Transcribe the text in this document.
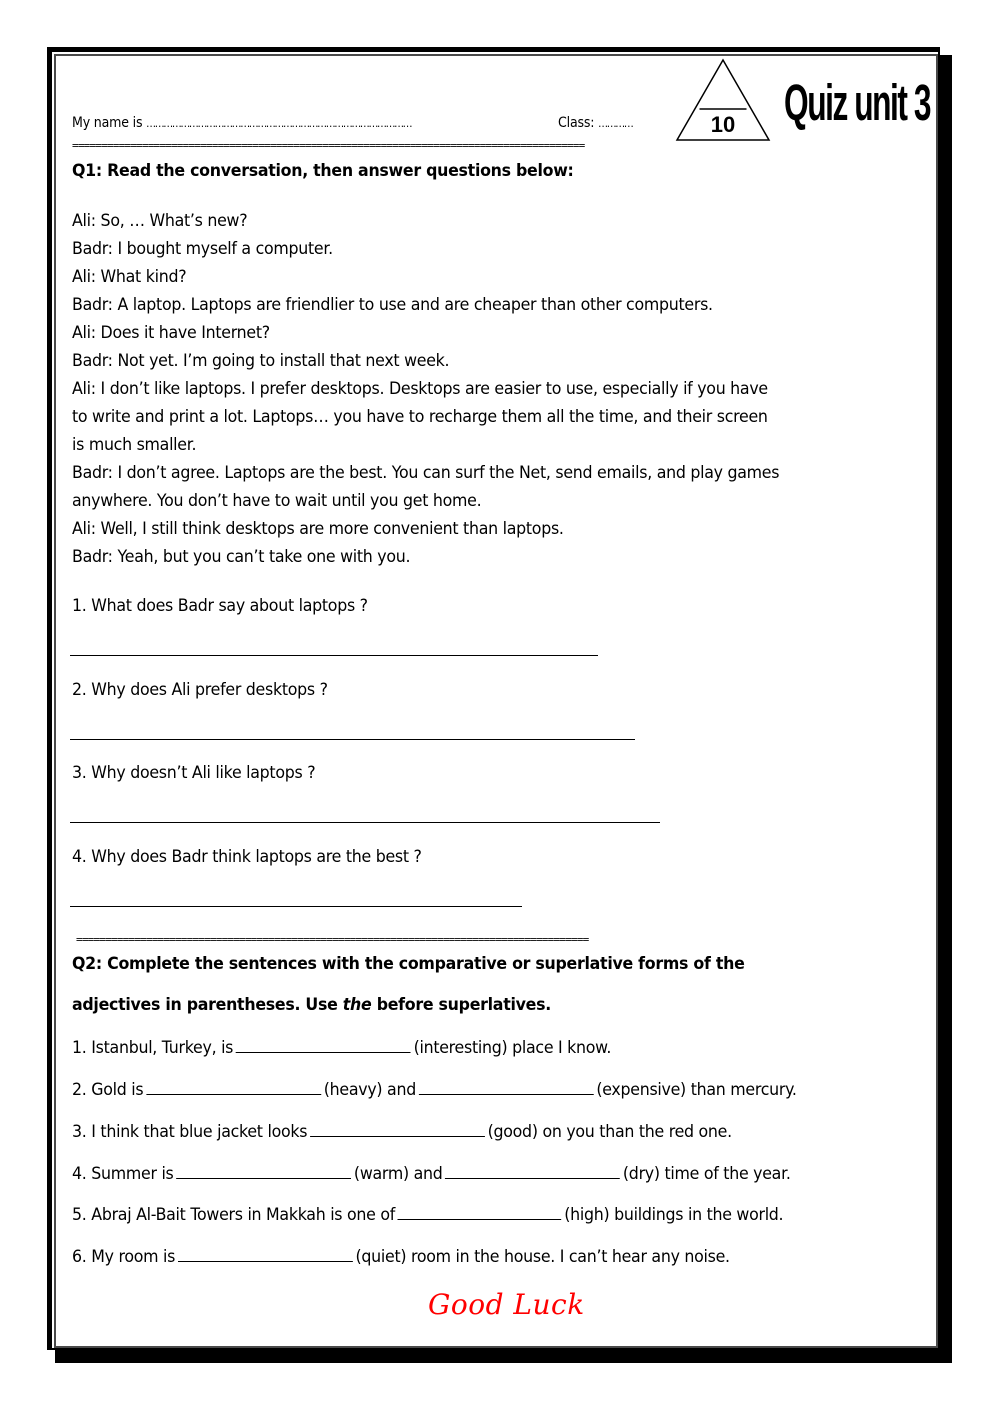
My name is …………………………………………………………………………………	Class: …………	10	Quiz unit 3
========================================================================================
Q1: Read the conversation, then answer questions below:
Ali: So, … What’s new?
Badr: I bought myself a computer.
Ali: What kind?
Badr: A laptop. Laptops are friendlier to use and are cheaper than other computers.
Ali: Does it have Internet?
Badr: Not yet. I’m going to install that next week.
Ali: I don’t like laptops. I prefer desktops. Desktops are easier to use, especially if you have
to write and print a lot. Laptops… you have to recharge them all the time, and their screen
is much smaller.
Badr: I don’t agree. Laptops are the best. You can surf the Net, send emails, and play games
anywhere. You don’t have to wait until you get home.
Ali: Well, I still think desktops are more convenient than laptops.
Badr: Yeah, but you can’t take one with you.
1. What does Badr say about laptops ?
2. Why does Ali prefer desktops ?
3. Why doesn’t Ali like laptops ?
4. Why does Badr think laptops are the best ?
========================================================================================
Q2: Complete the sentences with the comparative or superlative forms of the
adjectives in parentheses. Use the before superlatives.
1. Istanbul, Turkey, is	(interesting) place I know.
2. Gold is	(heavy) and	(expensive) than mercury.
3. I think that blue jacket looks	(good) on you than the red one.
4. Summer is	(warm) and	(dry) time of the year.
5. Abraj Al-Bait Towers in Makkah is one of	(high) buildings in the world.
6. My room is	(quiet) room in the house. I can’t hear any noise.
Good Luck
